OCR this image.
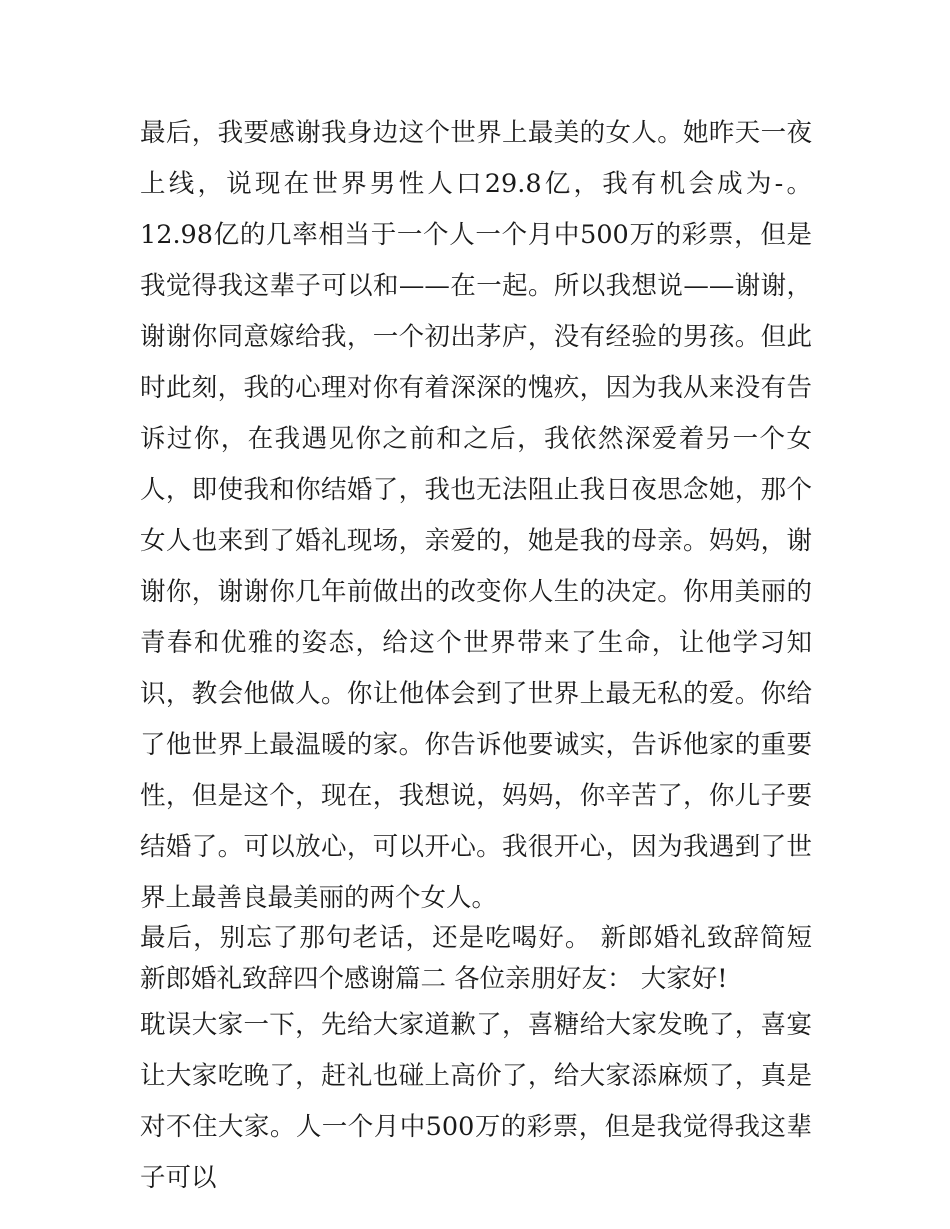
最后，我要感谢我身边这个世界上最美的女人。她昨天一夜上线，说现在世界男性人口29.8亿，我有机会成为-。12.98亿的几率相当于一个人一个月中500万的彩票，但是我觉得我这辈子可以和——在一起。所以我想说——谢谢，谢谢你同意嫁给我，一个初出茅庐，没有经验的男孩。但此时此刻，我的心理对你有着深深的愧疚，因为我从来没有告诉过你，在我遇见你之前和之后，我依然深爱着另一个女人，即使我和你结婚了，我也无法阻止我日夜思念她，那个女人也来到了婚礼现场，亲爱的，她是我的母亲。妈妈，谢谢你，谢谢你几年前做出的改变你人生的决定。你用美丽的青春和优雅的姿态，给这个世界带来了生命，让他学习知识，教会他做人。你让他体会到了世界上最无私的爱。你给了他世界上最温暖的家。你告诉他要诚实，告诉他家的重要性，但是这个，现在，我想说，妈妈，你辛苦了，你儿子要结婚了。可以放心，可以开心。我很开心，因为我遇到了世界上最善良最美丽的两个女人。

最后，别忘了那句老话，还是吃喝好。 新郎婚礼致辞简短 新郎婚礼致辞四个感谢篇二 各位亲朋好友： 大家好!

耽误大家一下，先给大家道歉了，喜糖给大家发晚了，喜宴让大家吃晚了，赶礼也碰上高价了，给大家添麻烦了，真是对不住大家。人一个月中500万的彩票，但是我觉得我这辈子可以
